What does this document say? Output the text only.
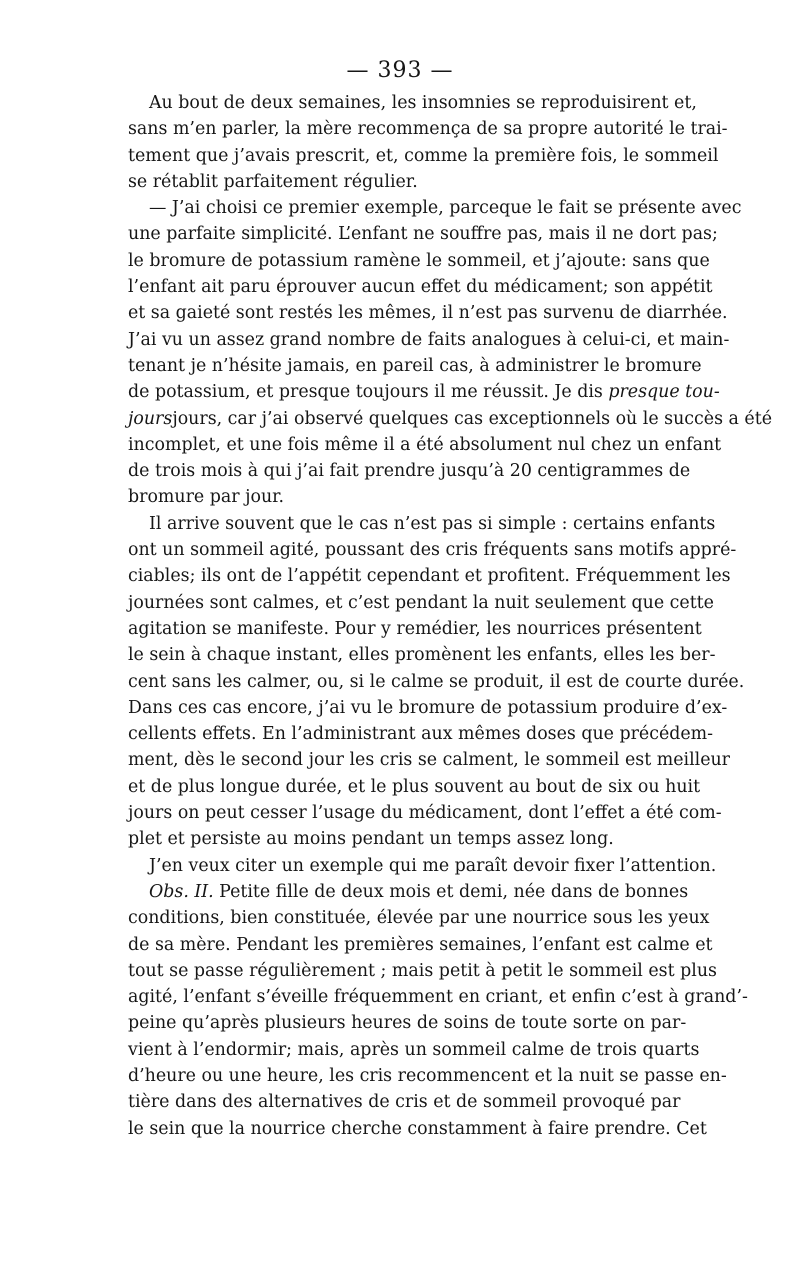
— 393 —

Au bout de deux semaines, les insomnies se reproduisirent et,
sans m’en parler, la mère recommença de sa propre autorité le trai-
tement que j’avais prescrit, et, comme la première fois, le sommeil
se rétablit parfaitement régulier.
— J’ai choisi ce premier exemple, parceque le fait se présente avec
une parfaite simplicité. L’enfant ne souffre pas, mais il ne dort pas;
le bromure de potassium ramène le sommeil, et j’ajoute: sans que
l’enfant ait paru éprouver aucun effet du médicament; son appétit
et sa gaieté sont restés les mêmes, il n’est pas survenu de diarrhée.
J’ai vu un assez grand nombre de faits analogues à celui-ci, et main-
tenant je n’hésite jamais, en pareil cas, à administrer le bromure
de potassium, et presque toujours il me réussit. Je dis presque tou-
joursjours, car j’ai observé quelques cas exceptionnels où le succès a été
incomplet, et une fois même il a été absolument nul chez un enfant
de trois mois à qui j’ai fait prendre jusqu’à 20 centigrammes de
bromure par jour.
Il arrive souvent que le cas n’est pas si simple : certains enfants
ont un sommeil agité, poussant des cris fréquents sans motifs appré-
ciables; ils ont de l’appétit cependant et profitent. Fréquemment les
journées sont calmes, et c’est pendant la nuit seulement que cette
agitation se manifeste. Pour y remédier, les nourrices présentent
le sein à chaque instant, elles promènent les enfants, elles les ber-
cent sans les calmer, ou, si le calme se produit, il est de courte durée.
Dans ces cas encore, j’ai vu le bromure de potassium produire d’ex-
cellents effets. En l’administrant aux mêmes doses que précédem-
ment, dès le second jour les cris se calment, le sommeil est meilleur
et de plus longue durée, et le plus souvent au bout de six ou huit
jours on peut cesser l’usage du médicament, dont l’effet a été com-
plet et persiste au moins pendant un temps assez long.
J’en veux citer un exemple qui me paraît devoir fixer l’attention.
Obs. II. Petite fille de deux mois et demi, née dans de bonnes
conditions, bien constituée, élevée par une nourrice sous les yeux
de sa mère. Pendant les premières semaines, l’enfant est calme et
tout se passe régulièrement ; mais petit à petit le sommeil est plus
agité, l’enfant s’éveille fréquemment en criant, et enfin c’est à grand’-
peine qu’après plusieurs heures de soins de toute sorte on par-
vient à l’endormir; mais, après un sommeil calme de trois quarts
d’heure ou une heure, les cris recommencent et la nuit se passe en-
tière dans des alternatives de cris et de sommeil provoqué par
le sein que la nourrice cherche constamment à faire prendre. Cet
